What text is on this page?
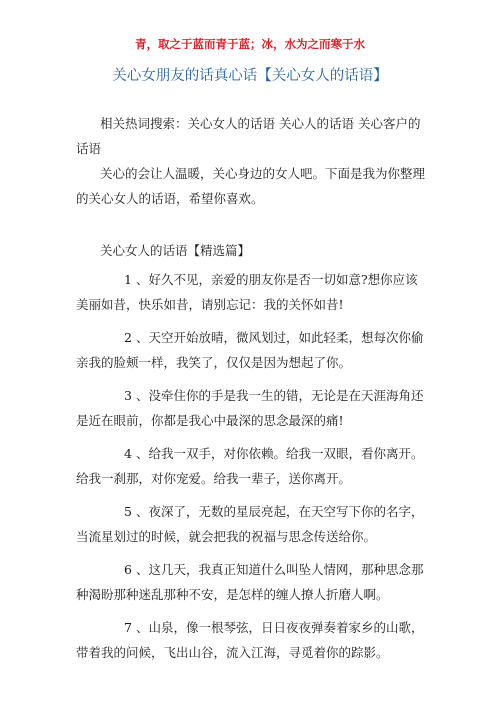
青，取之于蓝而青于蓝；冰，水为之而寒于水
关心女朋友的话真心话【关心女人的话语】

相关热词搜索：关心女人的话语 关心人的话语 关心客户的话语

关心的会让人温暖，关心身边的女人吧。下面是我为你整理的关心女人的话语，希望你喜欢。

关心女人的话语【精选篇】

1 、好久不见，亲爱的朋友你是否一切如意?想你应该美丽如昔，快乐如昔，请别忘记：我的关怀如昔!

2 、天空开始放晴，微风划过，如此轻柔，想每次你偷亲我的脸颊一样，我笑了，仅仅是因为想起了你。

3 、没牵住你的手是我一生的错，无论是在天涯海角还是近在眼前，你都是我心中最深的思念最深的痛!

4 、给我一双手，对你依赖。给我一双眼，看你离开。给我一刹那，对你宠爱。给我一辈子，送你离开。

5 、夜深了，无数的星辰亮起，在天空写下你的名字，当流星划过的时候，就会把我的祝福与思念传送给你。

6 、这几天，我真正知道什么叫坠人情网，那种思念那种渴盼那种迷乱那种不安，是怎样的缠人撩人折磨人啊。

7 、山泉，像一根琴弦，日日夜夜弹奏着家乡的山歌，带着我的问候，飞出山谷，流入江海，寻觅着你的踪影。
